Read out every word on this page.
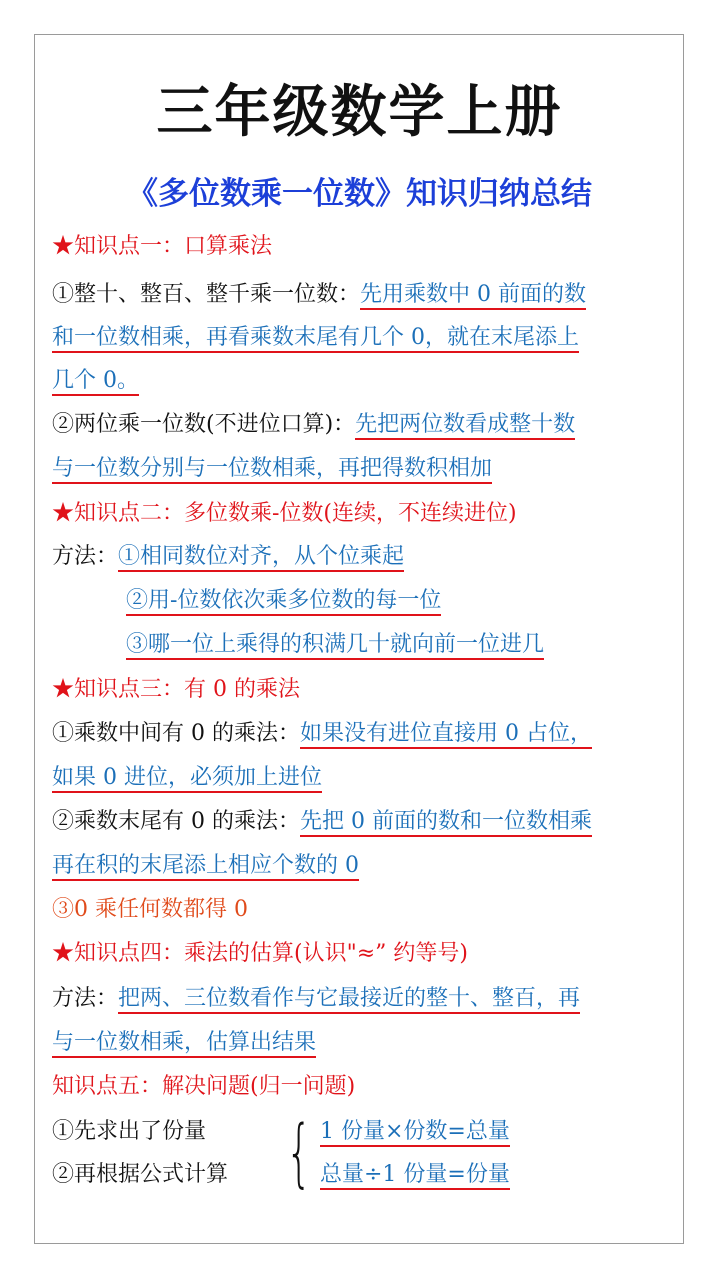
三年级数学上册
《多位数乘一位数》知识归纳总结
★知识点一：口算乘法
①整十、整百、整千乘一位数：先用乘数中 0 前面的数
和一位数相乘，再看乘数末尾有几个 0，就在末尾添上
几个 0。
②两位乘一位数(不进位口算)：先把两位数看成整十数
与一位数分别与一位数相乘，再把得数积相加
★知识点二：多位数乘-位数(连续，不连续进位)
方法：①相同数位对齐，从个位乘起
②用-位数依次乘多位数的每一位
③哪一位上乘得的积满几十就向前一位进几
★知识点三：有 0 的乘法
①乘数中间有 0 的乘法：如果没有进位直接用 0 占位，
如果 0 进位，必须加上进位
②乘数末尾有 0 的乘法：先把 0 前面的数和一位数相乘
再在积的末尾添上相应个数的 0
③0 乘任何数都得 0
★知识点四：乘法的估算(认识"≈” 约等号)
方法：把两、三位数看作与它最接近的整十、整百，再
与一位数相乘，估算出结果
知识点五：解决问题(归一问题)
①先求出了份量
②再根据公式计算 { 1 份量×份数=总量
总量÷1 份量=份量
